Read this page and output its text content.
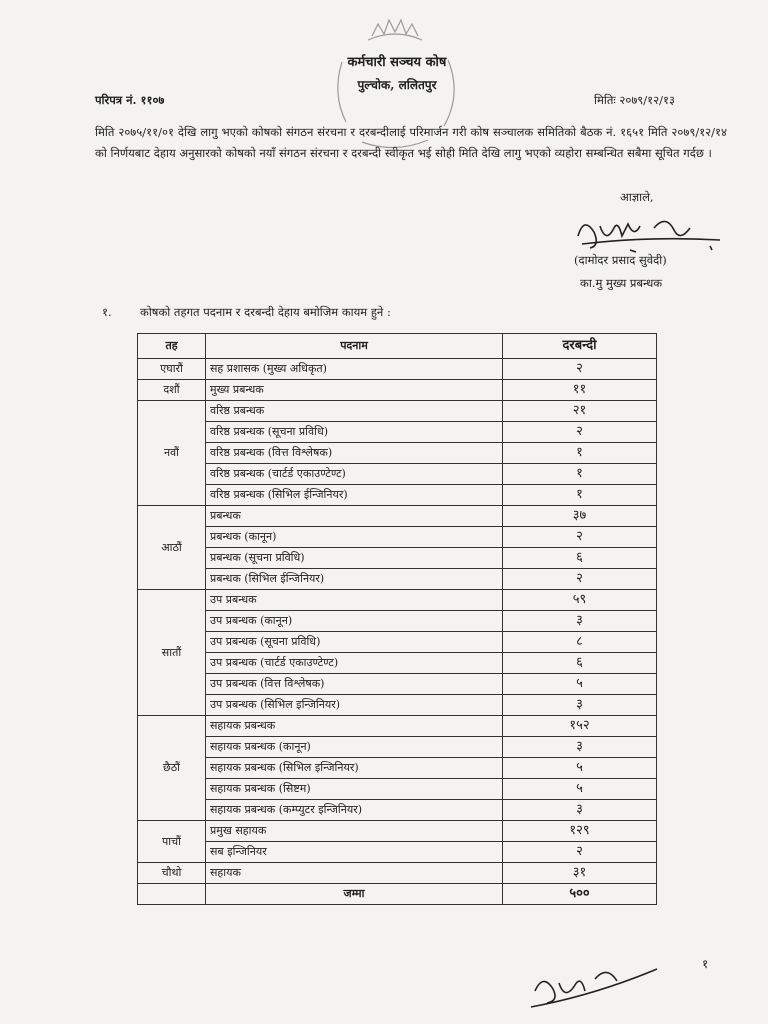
कर्मचारी सञ्चय कोष
पुल्चोक, ललितपुर
परिपत्र नं. ११०७	मितिः २०७९/१२/१३
मिति २०७५/११/०१ देखि लागु भएको कोषको संगठन संरचना र दरबन्दीलाई परिमार्जन गरी कोष सञ्चालक समितिको बैठक नं. १६५१ मिति २०७९/१२/१४ को निर्णयबाट देहाय अनुसारको कोषको नयाँ संगठन संरचना र दरबन्दी स्वीकृत भई सोही मिति देखि लागु भएको व्यहोरा सम्बन्धित सबैमा सूचित गर्दछ ।
आज्ञाले,
(दामोदर प्रसाद सुवेदी)
का.मु मुख्य प्रबन्धक
१. कोषको तहगत पदनाम र दरबन्दी देहाय बमोजिम कायम हुने :
तह	पदनाम	दरबन्दी
एघारौं	सह प्रशासक (मुख्य अधिकृत)	२
दशौं	मुख्य प्रबन्धक	११
नवौं	वरिष्ठ प्रबन्धक	२१
	वरिष्ठ प्रबन्धक (सूचना प्रविधि)	२
	वरिष्ठ प्रबन्धक (वित्त विश्लेषक)	१
	वरिष्ठ प्रबन्धक (चार्टर्ड एकाउण्टेण्ट)	१
	वरिष्ठ प्रबन्धक (सिभिल ईन्जिनियर)	१
आठौं	प्रबन्धक	३७
	प्रबन्धक (कानून)	२
	प्रबन्धक (सूचना प्रविधि)	६
	प्रबन्धक (सिभिल ईन्जिनियर)	२
सातौं	उप प्रबन्धक	५९
	उप प्रबन्धक (कानून)	३
	उप प्रबन्धक (सूचना प्रविधि)	८
	उप प्रबन्धक (चार्टर्ड एकाउण्टेण्ट)	६
	उप प्रबन्धक (वित्त विश्लेषक)	५
	उप प्रबन्धक (सिभिल इन्जिनियर)	३
छैठौं	सहायक प्रबन्धक	१५२
	सहायक प्रबन्धक (कानून)	३
	सहायक प्रबन्धक (सिभिल इन्जिनियर)	५
	सहायक प्रबन्धक (सिष्टम)	५
	सहायक प्रबन्धक (कम्प्युटर इन्जिनियर)	३
पाचौं	प्रमुख सहायक	१२९
	सब इन्जिनियर	२
चौथो	सहायक	३१
	जम्मा	५००
१
